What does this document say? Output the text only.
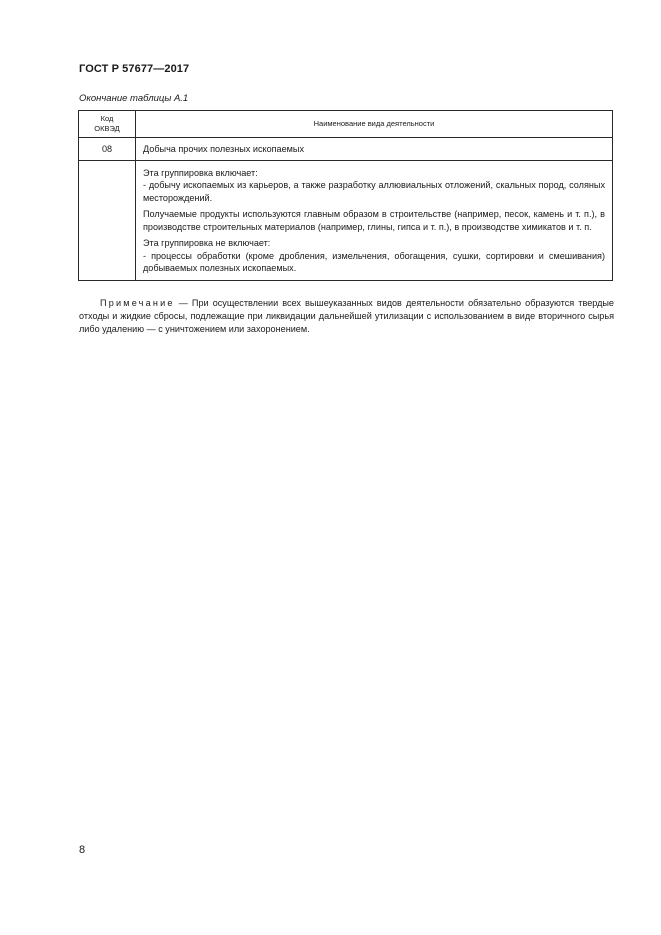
ГОСТ Р 57677—2017
Окончание таблицы А.1
Код ОКВЭД	Наименование вида деятельности
08	Добыча прочих полезных ископаемых

	Эта группировка включает:

- добычу ископаемых из карьеров, а также разработку аллювиальных отложений, скальных пород, соляных месторождений.

Получаемые продукты используются главным образом в строительстве (например, песок, камень и т. п.), в производстве строительных материалов (например, глины, гипса и т. п.), в производстве химикатов и т. п.

Эта группировка не включает:

- процессы обработки (кроме дробления, измельчения, обогащения, сушки, сортировки и смешивания) добываемых полезных ископаемых.

Примечание — При осуществлении всех вышеуказанных видов деятельности обязательно образуются твердые отходы и жидкие сбросы, подлежащие при ликвидации дальнейшей утилизации с использованием в виде вторичного сырья либо удалению — с уничтожением или захоронением.
8
